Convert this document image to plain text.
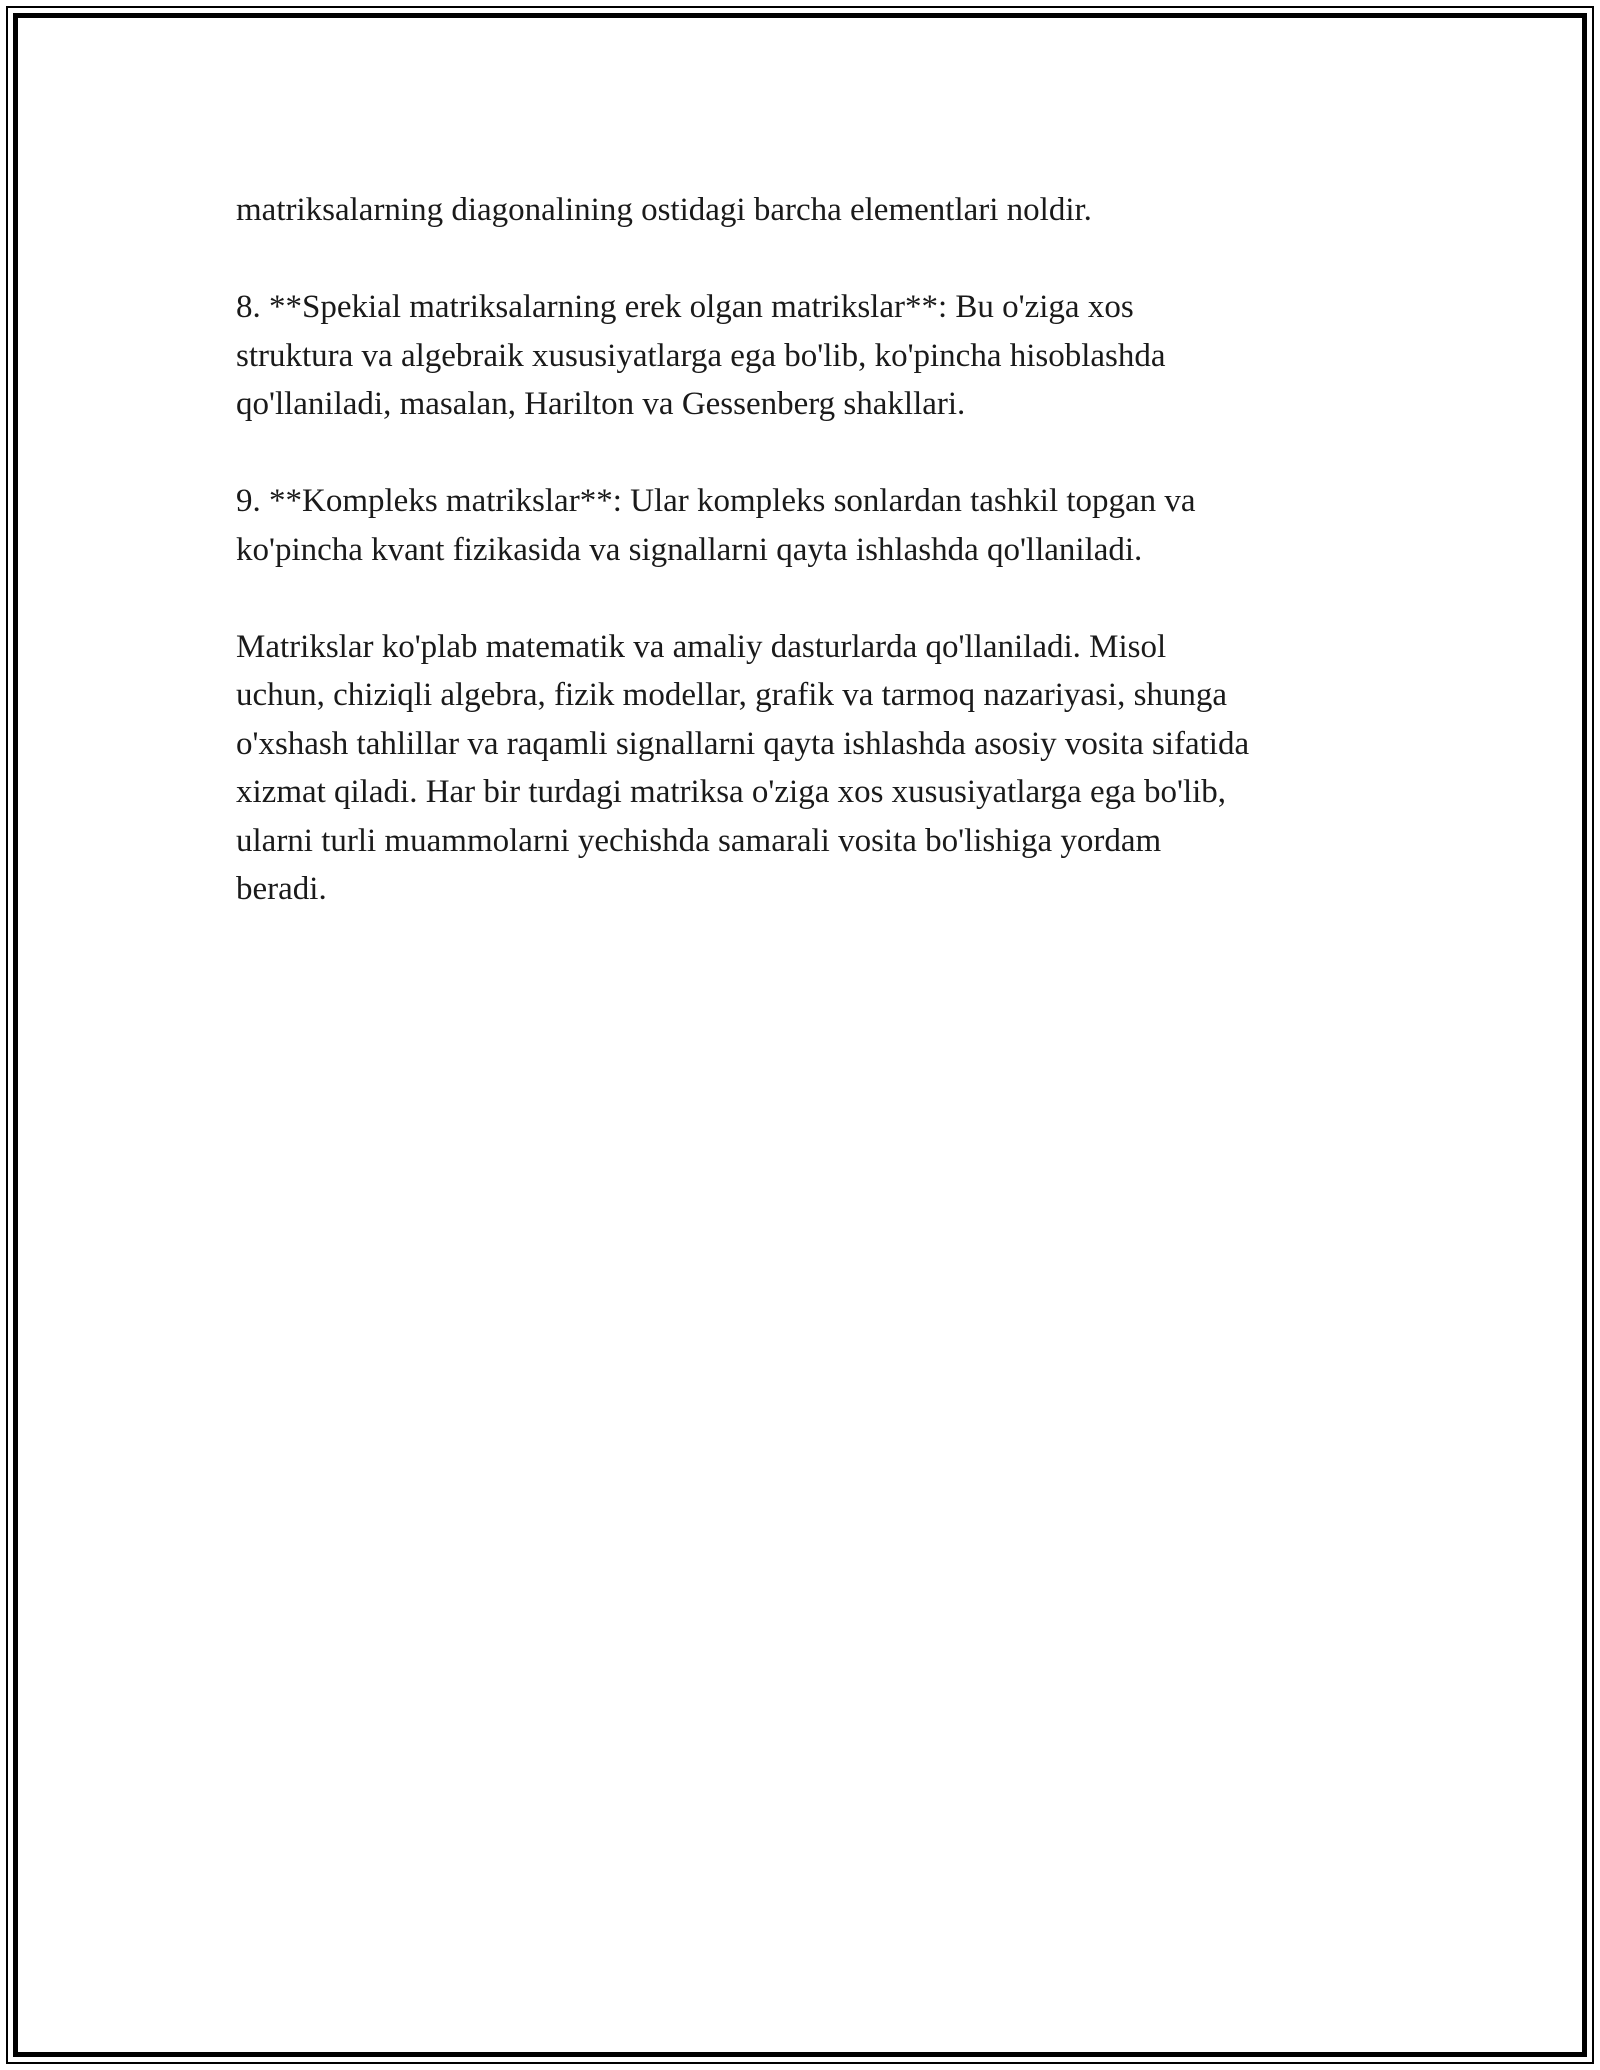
matriksalarning diagonalining ostidagi barcha elementlari noldir.

8. **Spekial matriksalarning erek olgan matrikslar**: Bu o'ziga xos
struktura va algebraik xususiyatlarga ega bo'lib, ko'pincha hisoblashda
qo'llaniladi, masalan, Harilton va Gessenberg shakllari.

9. **Kompleks matrikslar**: Ular kompleks sonlardan tashkil topgan va
ko'pincha kvant fizikasida va signallarni qayta ishlashda qo'llaniladi.

Matrikslar ko'plab matematik va amaliy dasturlarda qo'llaniladi. Misol
uchun, chiziqli algebra, fizik modellar, grafik va tarmoq nazariyasi, shunga
o'xshash tahlillar va raqamli signallarni qayta ishlashda asosiy vosita sifatida
xizmat qiladi. Har bir turdagi matriksa o'ziga xos xususiyatlarga ega bo'lib,
ularni turli muammolarni yechishda samarali vosita bo'lishiga yordam
beradi.
